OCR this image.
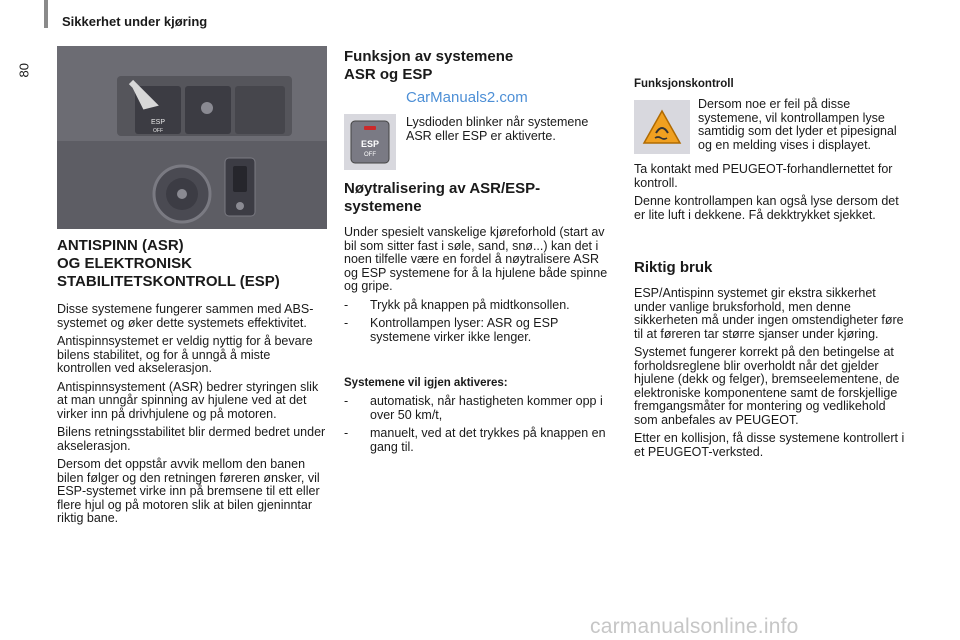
80
Sikkerhet under kjøring
ESP
OFF
ANTISPINN (ASR)
OG ELEKTRONISK
STABILITETSKONTROLL (ESP)

Disse systemene fungerer sammen med ABS-systemet og øker dette systemets effektivitet.

Antispinnsystemet er veldig nyttig for å bevare bilens stabilitet, og for å unngå å miste kontrollen ved akselerasjon.

Antispinnsystement (ASR) bedrer styringen slik at man unngår spinning av hjulene ved at det virker inn på drivhjulene og på motoren.

Bilens retningsstabilitet blir dermed bedret under akselerasjon.

Dersom det oppstår avvik mellom den banen bilen følger og den retningen føreren ønsker, vil ESP-systemet virke inn på bremsene til ett eller flere hjul og på motoren slik at bilen gjeninntar riktig bane.

Funksjon av systemene
ASR og ESP
ESP
OFF

Lysdioden blinker når systemene ASR eller ESP er aktiverte.

Nøytralisering av ASR/ESP-
systemene

Under spesielt vanskelige kjøreforhold (start av bil som sitter fast i søle, sand, snø...) kan det i noen tilfelle være en fordel å nøytralisere ASR og ESP systemene for å la hjulene både spinne og gripe.

-	Trykk på knappen på midtkonsollen.
-	Kontrollampen lyser: ASR og ESP systemene virker ikke lenger.
Systemene vil igjen aktiveres:
-	automatisk, når hastigheten kommer opp i over 50 km/t,
-	manuelt, ved at det trykkes på knappen en gang til.
Funksjonskontroll

Dersom noe er feil på disse systemene, vil kontrollampen lyse samtidig som det lyder et pipesignal og en melding vises i displayet.

Ta kontakt med PEUGEOT-forhandlernettet for kontroll.

Denne kontrollampen kan også lyse dersom det er lite luft i dekkene. Få dekktrykket sjekket.

Riktig bruk

ESP/Antispinn systemet gir ekstra sikkerhet under vanlige bruksforhold, men denne sikkerheten må under ingen omstendigheter føre til at føreren tar større sjanser under kjøring.

Systemet fungerer korrekt på den betingelse at forholdsreglene blir overholdt når det gjelder hjulene (dekk og felger), bremseelementene, de elektroniske komponentene samt de forskjellige fremgangsmåter for montering og vedlikehold som anbefales av PEUGEOT.

Etter en kollisjon, få disse systemene kontrollert i et PEUGEOT-verksted.

CarManuals2.com
carmanualsonline.info
